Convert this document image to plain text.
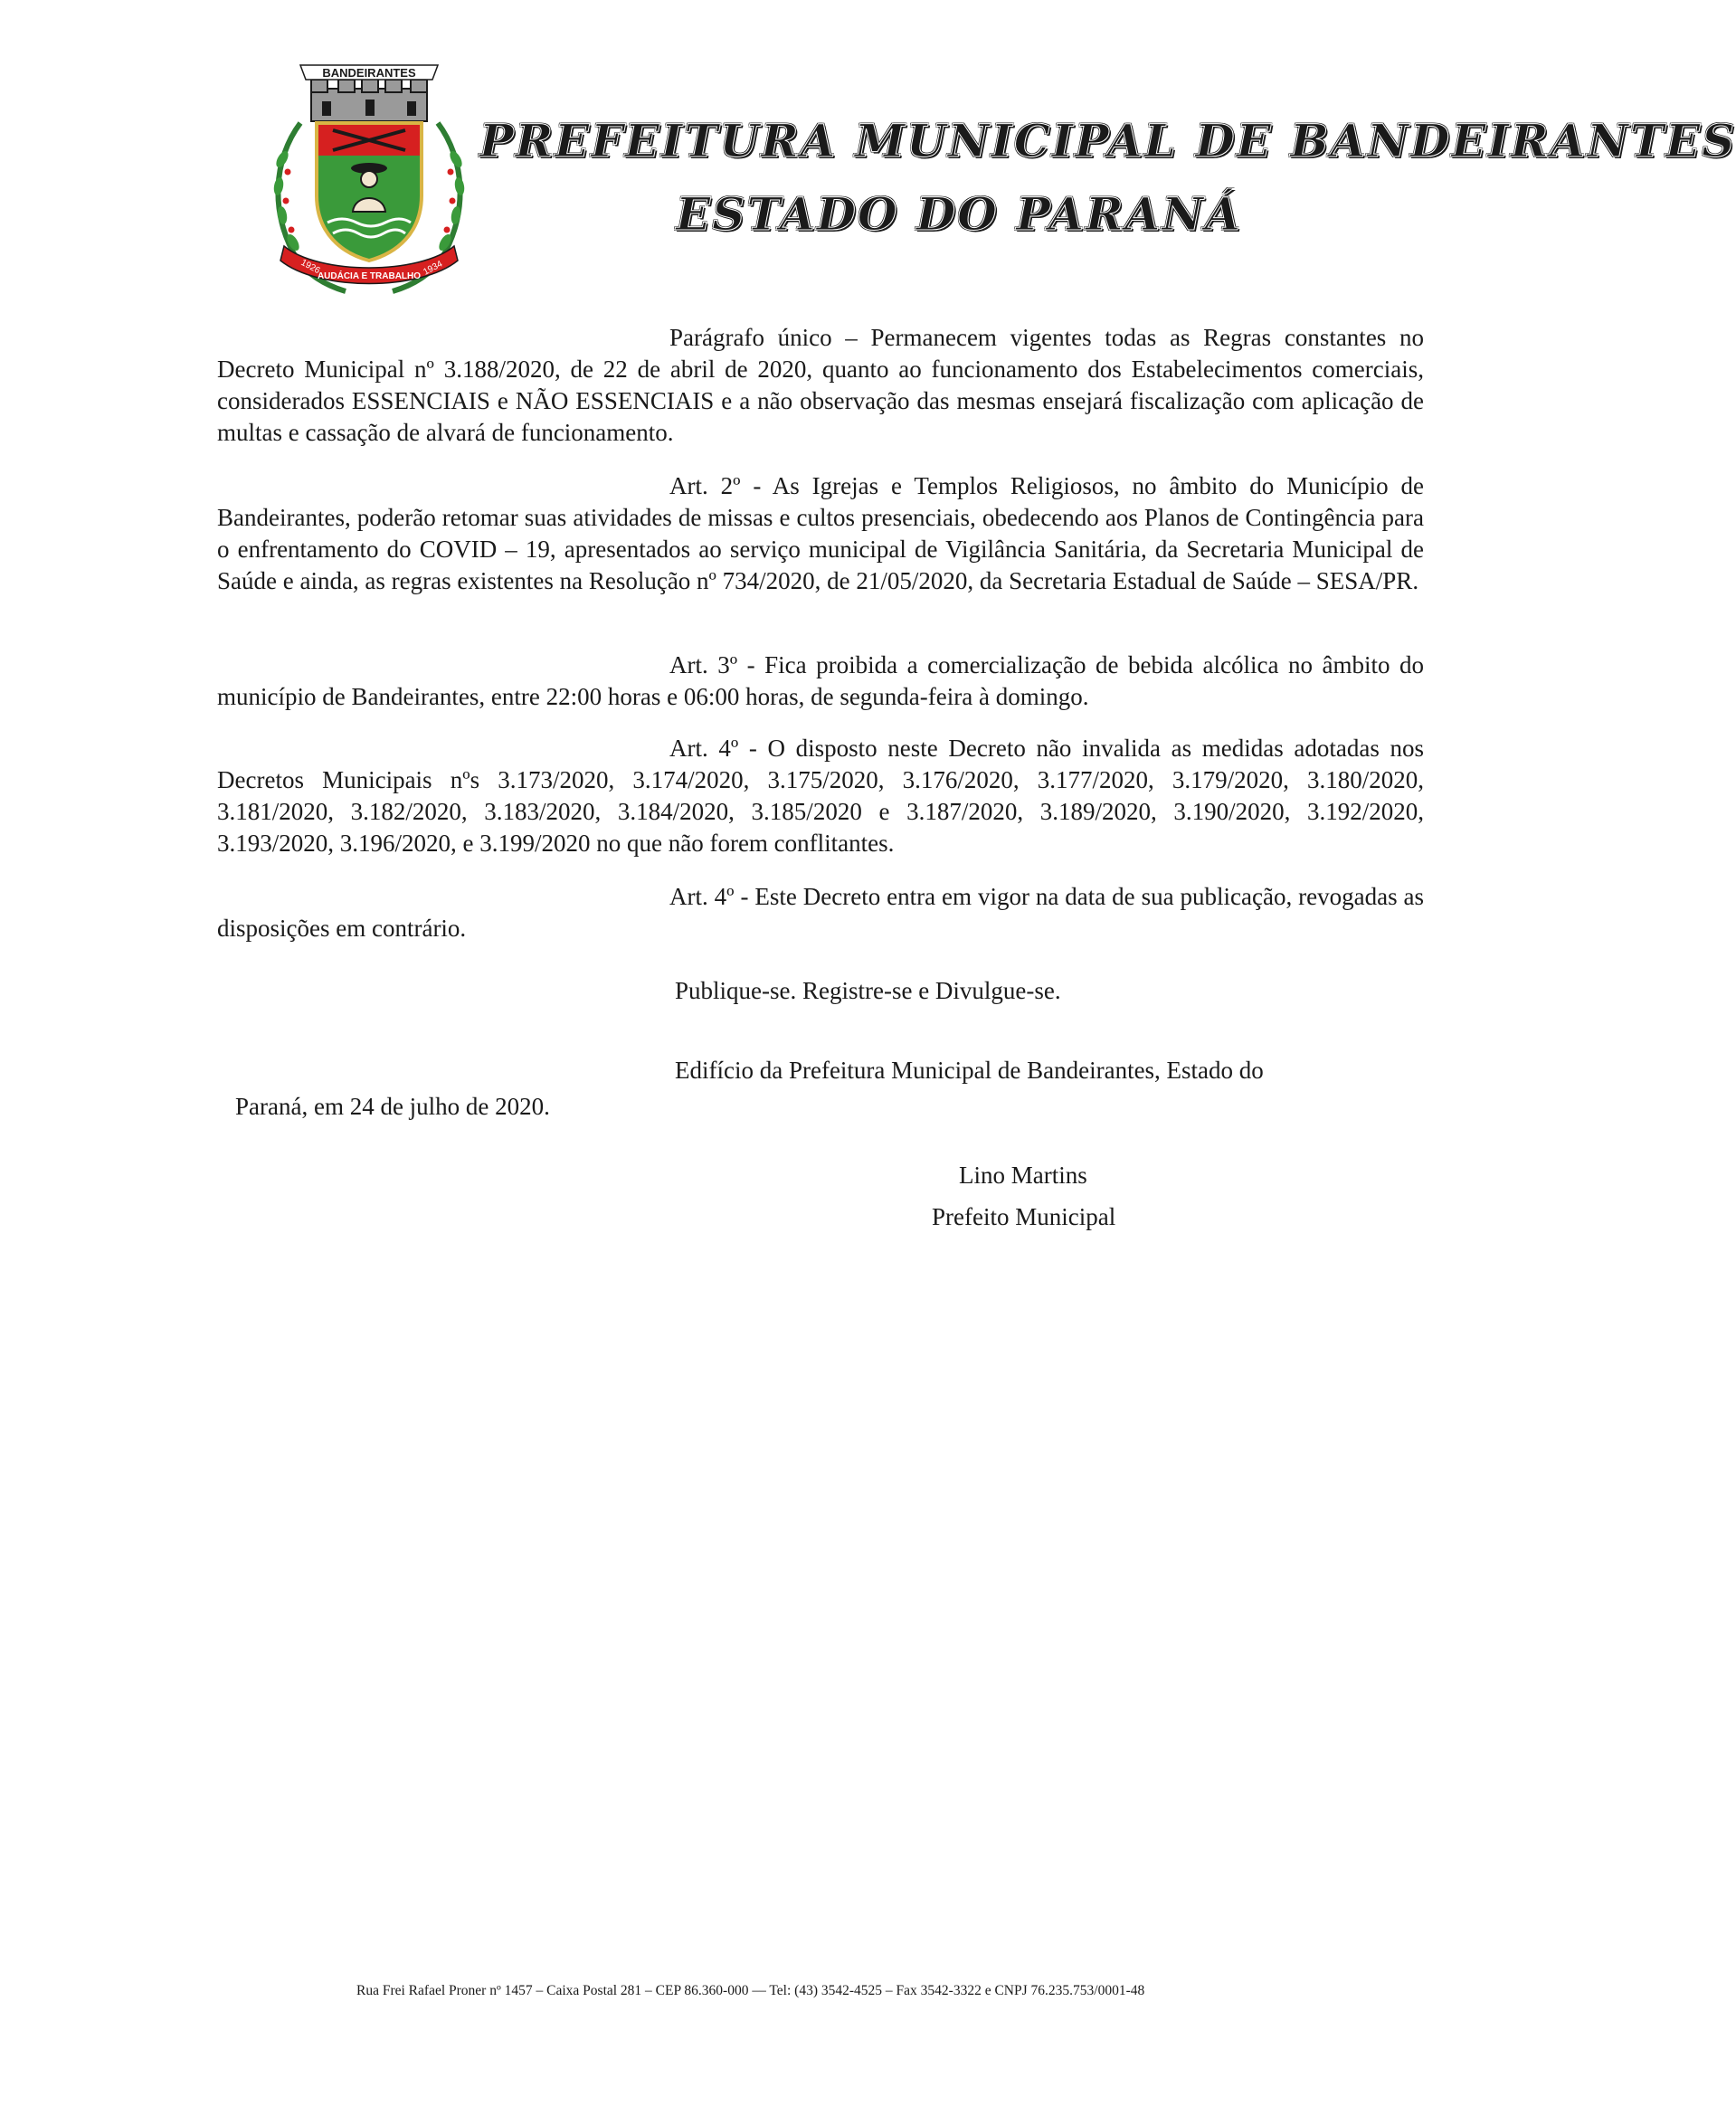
BANDEIRANTES
1926
AUDÁCIA E TRABALHO 1934
PREFEITURA MUNICIPAL DE BANDEIRANTES
ESTADO DO PARANÁ
Parágrafo único – Permanecem vigentes todas as Regras constantes no Decreto Municipal nº 3.188/2020, de 22 de abril de 2020, quanto ao funcionamento dos Estabelecimentos comerciais, considerados ESSENCIAIS e NÃO ESSENCIAIS e a não observação das mesmas ensejará fiscalização com aplicação de multas e cassação de alvará de funcionamento.
Art. 2º - As Igrejas e Templos Religiosos, no âmbito do Município de Bandeirantes, poderão retomar suas atividades de missas e cultos presenciais, obedecendo aos Planos de Contingência para o enfrentamento do COVID – 19, apresentados ao serviço municipal de Vigilância Sanitária, da Secretaria Municipal de Saúde e ainda, as regras existentes na Resolução nº 734/2020, de 21/05/2020, da Secretaria Estadual de Saúde – SESA/PR.
Art. 3º - Fica proibida a comercialização de bebida alcólica no âmbito do município de Bandeirantes, entre 22:00 horas e 06:00 horas, de segunda-feira à domingo.
Art. 4º - O disposto neste Decreto não invalida as medidas adotadas nos Decretos Municipais nºs 3.173/2020, 3.174/2020, 3.175/2020, 3.176/2020, 3.177/2020, 3.179/2020, 3.180/2020, 3.181/2020, 3.182/2020, 3.183/2020, 3.184/2020, 3.185/2020 e 3.187/2020, 3.189/2020, 3.190/2020, 3.192/2020, 3.193/2020, 3.196/2020, e 3.199/2020 no que não forem conflitantes.
Art. 4º - Este Decreto entra em vigor na data de sua publicação, revogadas as disposições em contrário.
Publique-se. Registre-se e Divulgue-se.
Edifício da Prefeitura Municipal de Bandeirantes, Estado do
Paraná, em 24 de julho de 2020.
Lino Martins
Prefeito Municipal
Rua Frei Rafael Proner nº 1457 – Caixa Postal 281 – CEP 86.360-000 –– Tel: (43) 3542-4525 – Fax 3542-3322 e CNPJ 76.235.753/0001-48
